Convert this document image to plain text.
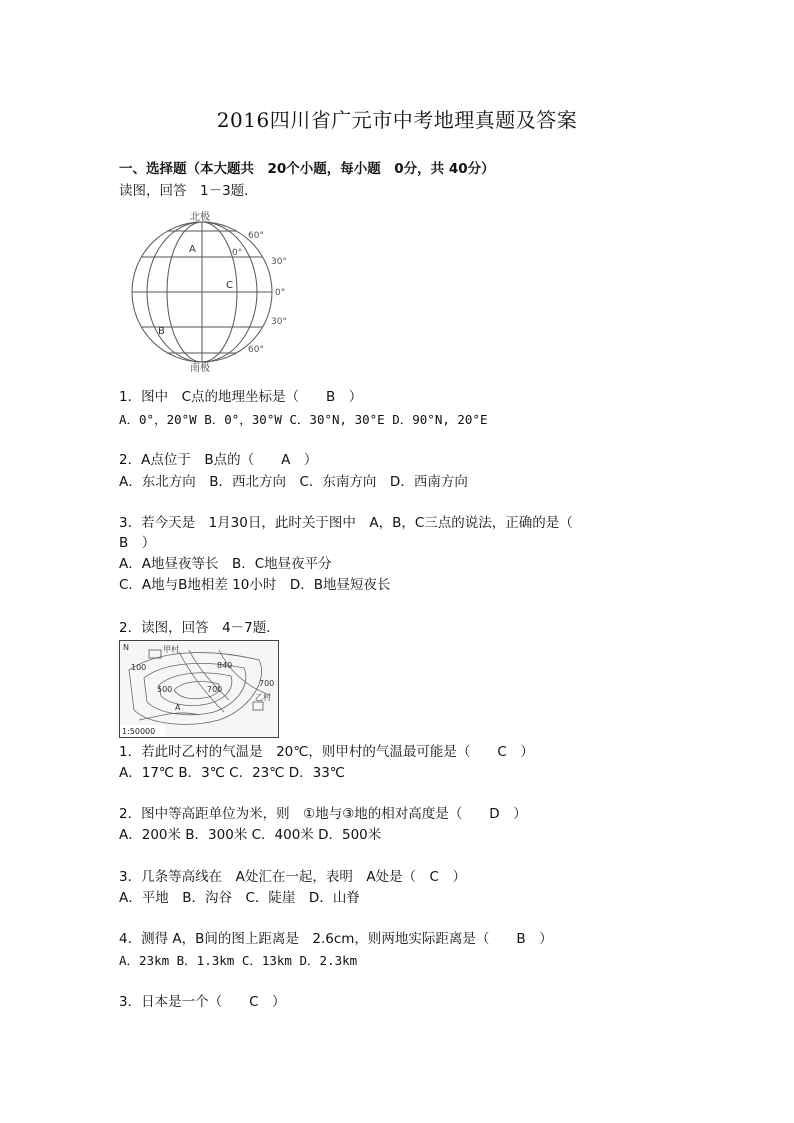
2016四川省广元市中考地理真题及答案
一、选择题（本大题共　20个小题，每小题　0分，共 40分）
读图，回答　1－3题．
北极
南极
60°
30°
0°
30°
60°
0°
A
B
C
1．图中　C点的地理坐标是（　　B　）
A．0°，20°W B．0°，30°W C．30°N, 30°E D．90°N, 20°E
2．A点位于　B点的（　　A　）
A．东北方向　B．西北方向　C．东南方向　D．西南方向
3．若今天是　1月30日，此时关于图中　A，B，C三点的说法，正确的是（
B　）
A．A地昼夜等长　B．C地昼夜平分
C．A地与B地相差 10小时　D．B地昼短夜长
2．读图，回答　4－7题．
N	甲村
乙村
100
500
700
840
700
A
1:50000
1．若此时乙村的气温是　20℃，则甲村的气温最可能是（　　C　）
A．17℃ B．3℃ C．23℃ D．33℃
2．图中等高距单位为米，则　①地与③地的相对高度是（　　D　）
A．200米 B．300米 C．400米 D．500米
3．几条等高线在　A处汇在一起，表明　A处是（　C　）
A．平地　B．沟谷　C．陡崖　D．山脊
4．测得 A，B间的图上距离是　2.6cm，则两地实际距离是（　　B　）
A．23km B．1.3km C．13km D．2.3km
3．日本是一个（　　C　）
